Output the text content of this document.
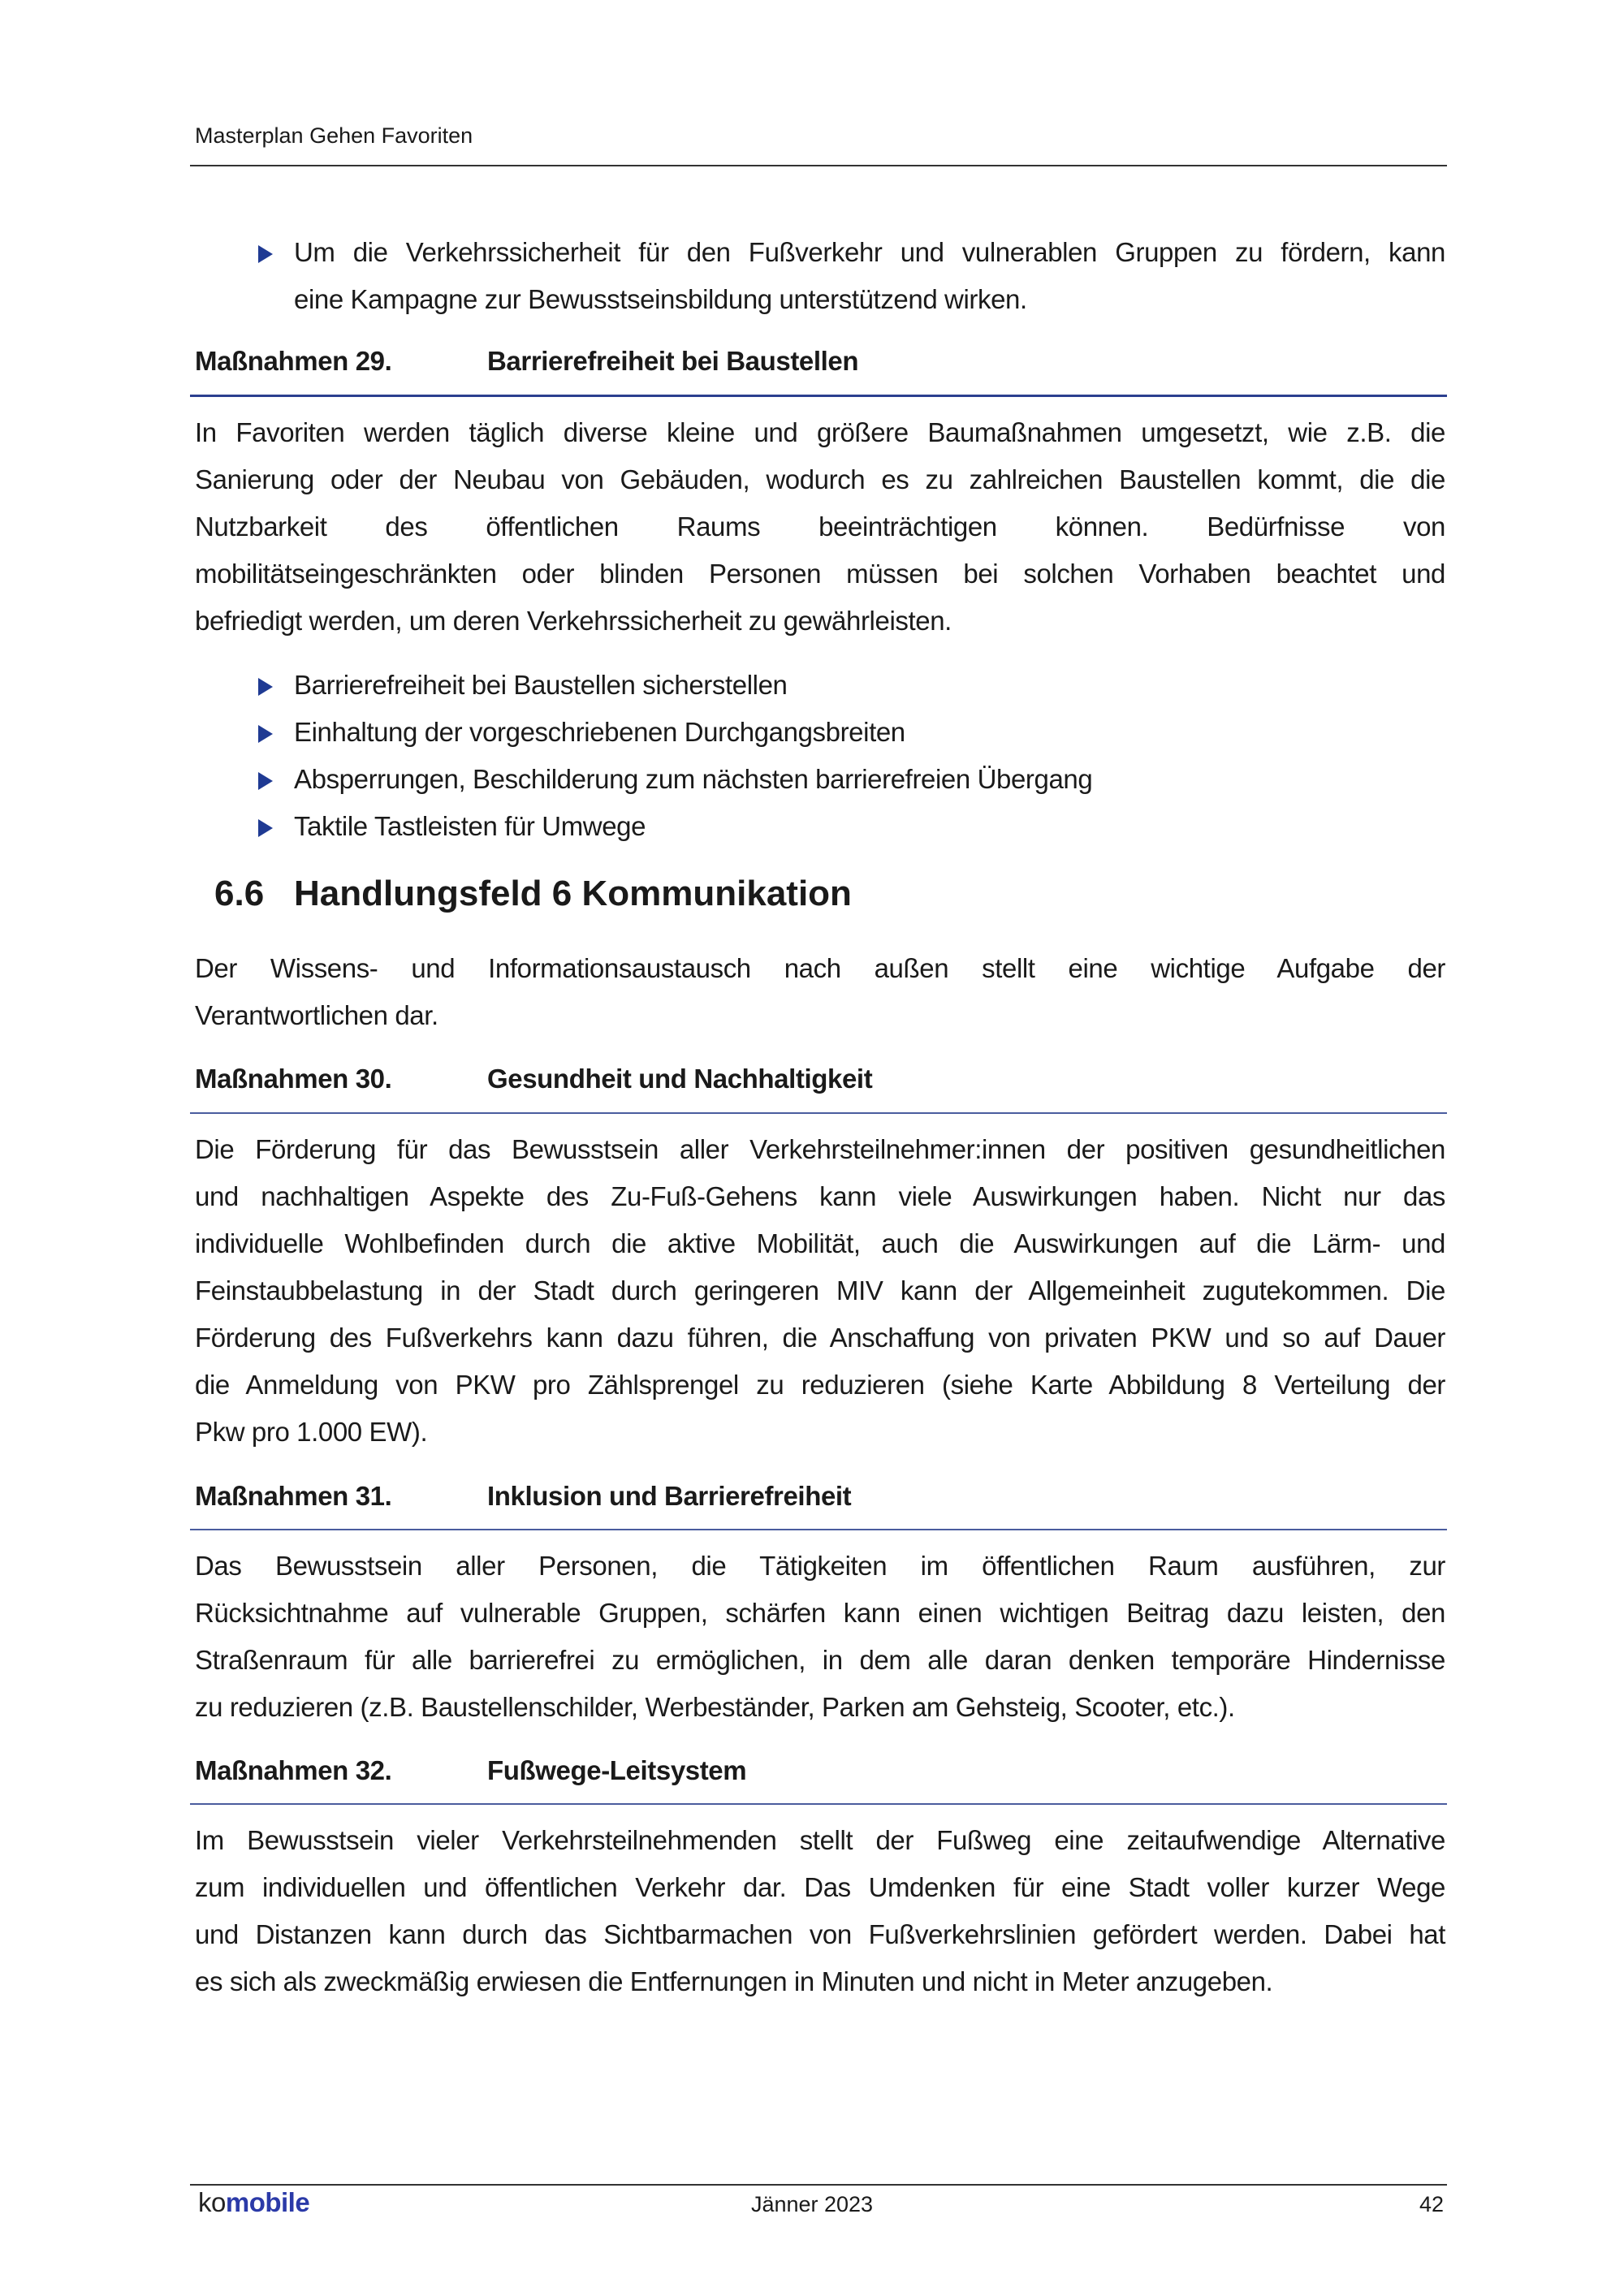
Masterplan Gehen Favoriten
Um die Verkehrssicherheit für den Fußverkehr und vulnerablen Gruppen zu fördern, kann
eine Kampagne zur Bewusstseinsbildung unterstützend wirken.
Maßnahmen 29.	Barrierefreiheit bei Baustellen
In Favoriten werden täglich diverse kleine und größere Baumaßnahmen umgesetzt, wie z.B. die
Sanierung oder der Neubau von Gebäuden, wodurch es zu zahlreichen Baustellen kommt, die die
Nutzbarkeit des öffentlichen Raums beeinträchtigen können. Bedürfnisse von
mobilitätseingeschränkten oder blinden Personen müssen bei solchen Vorhaben beachtet und
befriedigt werden, um deren Verkehrssicherheit zu gewährleisten.
Barrierefreiheit bei Baustellen sicherstellen
Einhaltung der vorgeschriebenen Durchgangsbreiten
Absperrungen, Beschilderung zum nächsten barrierefreien Übergang
Taktile Tastleisten für Umwege
6.6 Handlungsfeld 6 Kommunikation
Der Wissens- und Informationsaustausch nach außen stellt eine wichtige Aufgabe der
Verantwortlichen dar.
Maßnahmen 30.	Gesundheit und Nachhaltigkeit
Die Förderung für das Bewusstsein aller Verkehrsteilnehmer:innen der positiven gesundheitlichen
und nachhaltigen Aspekte des Zu-Fuß-Gehens kann viele Auswirkungen haben. Nicht nur das
individuelle Wohlbefinden durch die aktive Mobilität, auch die Auswirkungen auf die Lärm- und
Feinstaubbelastung in der Stadt durch geringeren MIV kann der Allgemeinheit zugutekommen. Die
Förderung des Fußverkehrs kann dazu führen, die Anschaffung von privaten PKW und so auf Dauer
die Anmeldung von PKW pro Zählsprengel zu reduzieren (siehe Karte Abbildung 8 Verteilung der
Pkw pro 1.000 EW).
Maßnahmen 31.	Inklusion und Barrierefreiheit
Das Bewusstsein aller Personen, die Tätigkeiten im öffentlichen Raum ausführen, zur
Rücksichtnahme auf vulnerable Gruppen, schärfen kann einen wichtigen Beitrag dazu leisten, den
Straßenraum für alle barrierefrei zu ermöglichen, in dem alle daran denken temporäre Hindernisse
zu reduzieren (z.B. Baustellenschilder, Werbeständer, Parken am Gehsteig, Scooter, etc.).
Maßnahmen 32.	Fußwege-Leitsystem
Im Bewusstsein vieler Verkehrsteilnehmenden stellt der Fußweg eine zeitaufwendige Alternative
zum individuellen und öffentlichen Verkehr dar. Das Umdenken für eine Stadt voller kurzer Wege
und Distanzen kann durch das Sichtbarmachen von Fußverkehrslinien gefördert werden. Dabei hat
es sich als zweckmäßig erwiesen die Entfernungen in Minuten und nicht in Meter anzugeben.
komobile	Jänner 2023	42
